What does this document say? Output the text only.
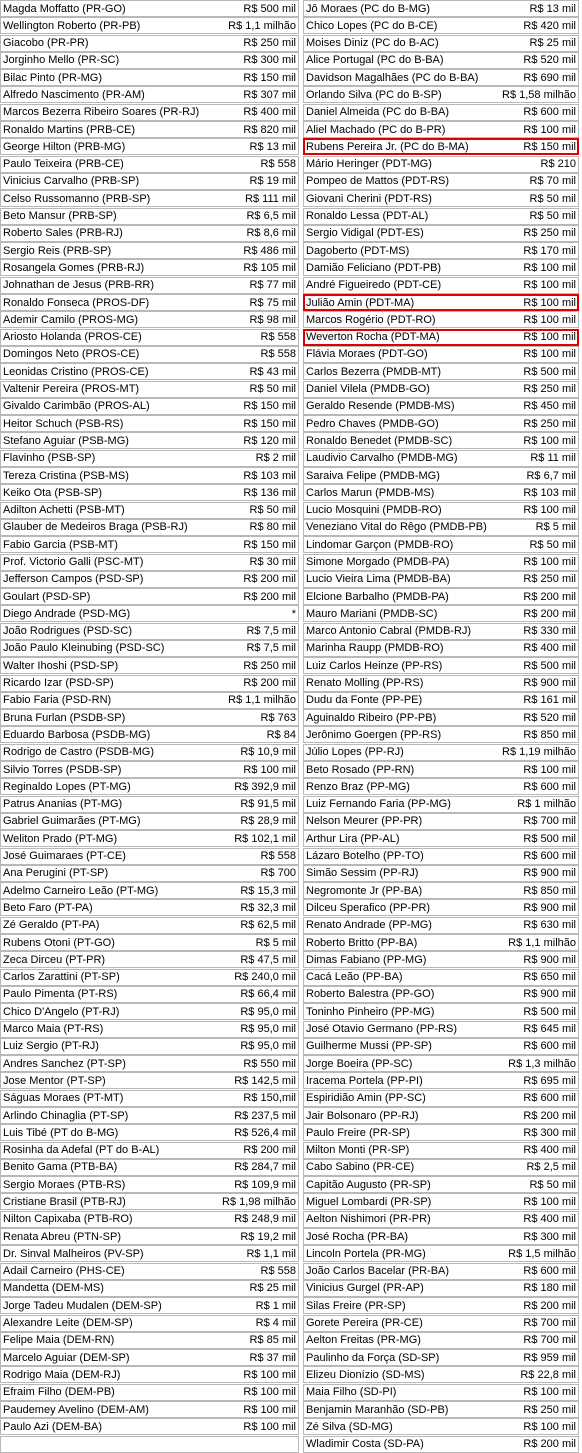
Magda Moffatto (PR-GO)	R$ 500 mil
Wellington Roberto (PR-PB)	R$ 1,1 milhão
Giacobo (PR-PR)	R$ 250 mil
Jorginho Mello (PR-SC)	R$ 300 mil
Bilac Pinto (PR-MG)	R$ 150 mil
Alfredo Nascimento (PR-AM)	R$ 307 mil
Marcos Bezerra Ribeiro Soares (PR-RJ)	R$ 400 mil
Ronaldo Martins (PRB-CE)	R$ 820 mil
George Hilton (PRB-MG)	R$ 13 mil
Paulo Teixeira (PRB-CE)	R$ 558
Vinicius Carvalho (PRB-SP)	R$ 19 mil
Celso Russomanno (PRB-SP)	R$ 111 mil
Beto Mansur (PRB-SP)	R$ 6,5 mil
Roberto Sales (PRB-RJ)	R$ 8,6 mil
Sergio Reis (PRB-SP)	R$ 486 mil
Rosangela Gomes (PRB-RJ)	R$ 105 mil
Johnathan de Jesus (PRB-RR)	R$ 77 mil
Ronaldo Fonseca (PROS-DF)	R$ 75 mil
Ademir Camilo (PROS-MG)	R$ 98 mil
Ariosto Holanda (PROS-CE)	R$ 558
Domingos Neto (PROS-CE)	R$ 558
Leonidas Cristino (PROS-CE)	R$ 43 mil
Valtenir Pereira (PROS-MT)	R$ 50 mil
Givaldo Carimbão (PROS-AL)	R$ 150 mil
Heitor Schuch (PSB-RS)	R$ 150 mil
Stefano Aguiar (PSB-MG)	R$ 120 mil
Flavinho (PSB-SP)	R$ 2 mil
Tereza Cristina (PSB-MS)	R$ 103 mil
Keiko Ota (PSB-SP)	R$ 136 mil
Adilton Achetti (PSB-MT)	R$ 50 mil
Glauber de Medeiros Braga (PSB-RJ)	R$ 80 mil
Fabio Garcia (PSB-MT)	R$ 150 mil
Prof. Victorio Galli (PSC-MT)	R$ 30 mil
Jefferson Campos (PSD-SP)	R$ 200 mil
Goulart (PSD-SP)	R$ 200 mil
Diego Andrade (PSD-MG)	*
João Rodrigues (PSD-SC)	R$ 7,5 mil
João Paulo Kleinubing (PSD-SC)	R$ 7,5 mil
Walter Ihoshi (PSD-SP)	R$ 250 mil
Ricardo Izar (PSD-SP)	R$ 200 mil
Fabio Faria (PSD-RN)	R$ 1,1 milhão
Bruna Furlan (PSDB-SP)	R$ 763
Eduardo Barbosa (PSDB-MG)	R$ 84
Rodrigo de Castro (PSDB-MG)	R$ 10,9 mil
Silvio Torres (PSDB-SP)	R$ 100 mil
Reginaldo Lopes (PT-MG)	R$ 392,9 mil
Patrus Ananias (PT-MG)	R$ 91,5 mil
Gabriel Guimarães (PT-MG)	R$ 28,9 mil
Weliton Prado (PT-MG)	R$ 102,1 mil
José Guimaraes (PT-CE)	R$ 558
Ana Perugini (PT-SP)	R$ 700
Adelmo Carneiro Leão (PT-MG)	R$ 15,3 mil
Beto Faro (PT-PA)	R$ 32,3 mil
Zé Geraldo (PT-PA)	R$ 62,5 mil
Rubens Otoni (PT-GO)	R$ 5 mil
Zeca Dirceu (PT-PR)	R$ 47,5 mil
Carlos Zarattini (PT-SP)	R$ 240,0 mil
Paulo Pimenta (PT-RS)	R$ 66,4 mil
Chico D'Angelo (PT-RJ)	R$ 95,0 mil
Marco Maia (PT-RS)	R$ 95,0 mil
Luiz Sergio (PT-RJ)	R$ 95,0 mil
Andres Sanchez (PT-SP)	R$ 550 mil
Jose Mentor (PT-SP)	R$ 142,5 mil
Ságuas Moraes (PT-MT)	R$ 150,mil
Arlindo Chinaglia (PT-SP)	R$ 237,5 mil
Luis Tibé (PT do B-MG)	R$ 526,4 mil
Rosinha da Adefal (PT do B-AL)	R$ 200 mil
Benito Gama (PTB-BA)	R$ 284,7 mil
Sergio Moraes (PTB-RS)	R$ 109,9 mil
Cristiane Brasil (PTB-RJ)	R$ 1,98 milhão
Nilton Capixaba (PTB-RO)	R$ 248,9 mil
Renata Abreu (PTN-SP)	R$ 19,2 mil
Dr. Sinval Malheiros (PV-SP)	R$ 1,1 mil
Adail Carneiro (PHS-CE)	R$ 558
Mandetta (DEM-MS)	R$ 25 mil
Jorge Tadeu Mudalen (DEM-SP)	R$ 1 mil
Alexandre Leite (DEM-SP)	R$ 4 mil
Felipe Maia (DEM-RN)	R$ 85 mil
Marcelo Aguiar (DEM-SP)	R$ 37 mil
Rodrigo Maia (DEM-RJ)	R$ 100 mil
Efraim Filho (DEM-PB)	R$ 100 mil
Paudemey Avelino (DEM-AM)	R$ 100 mil
Paulo Azi (DEM-BA)	R$ 100 mil
Jô Moraes (PC do B-MG)	R$ 13 mil
Chico Lopes (PC do B-CE)	R$ 420 mil
Moises Diniz (PC do B-AC)	R$ 25 mil
Alice Portugal (PC do B-BA)	R$ 520 mil
Davidson Magalhães (PC do B-BA)	R$ 690 mil
Orlando Silva (PC do B-SP)	R$ 1,58 milhão
Daniel Almeida (PC do B-BA)	R$ 600 mil
Aliel Machado (PC do B-PR)	R$ 100 mil
Rubens Pereira Jr. (PC do B-MA)	R$ 150 mil
Mário Heringer (PDT-MG)	R$ 210
Pompeo de Mattos (PDT-RS)	R$ 70 mil
Giovani Cherini (PDT-RS)	R$ 50 mil
Ronaldo Lessa (PDT-AL)	R$ 50 mil
Sergio Vidigal (PDT-ES)	R$ 250 mil
Dagoberto (PDT-MS)	R$ 170 mil
Damião Feliciano (PDT-PB)	R$ 100 mil
André Figueiredo (PDT-CE)	R$ 100 mil
Julião Amin (PDT-MA)	R$ 100 mil
Marcos Rogério (PDT-RO)	R$ 100 mil
Weverton Rocha (PDT-MA)	R$ 100 mil
Flávia Moraes (PDT-GO)	R$ 100 mil
Carlos Bezerra (PMDB-MT)	R$ 500 mil
Daniel Vilela (PMDB-GO)	R$ 250 mil
Geraldo Resende (PMDB-MS)	R$ 450 mil
Pedro Chaves (PMDB-GO)	R$ 250 mil
Ronaldo Benedet (PMDB-SC)	R$ 100 mil
Laudivio Carvalho (PMDB-MG)	R$ 11 mil
Saraiva Felipe (PMDB-MG)	R$ 6,7 mil
Carlos Marun (PMDB-MS)	R$ 103 mil
Lucio Mosquini (PMDB-RO)	R$ 100 mil
Veneziano Vital do Rêgo (PMDB-PB)	R$ 5 mil
Lindomar Garçon (PMDB-RO)	R$ 50 mil
Simone Morgado (PMDB-PA)	R$ 100 mil
Lucio Vieira Lima (PMDB-BA)	R$ 250 mil
Elcione Barbalho (PMDB-PA)	R$ 200 mil
Mauro Mariani (PMDB-SC)	R$ 200 mil
Marco Antonio Cabral (PMDB-RJ)	R$ 330 mil
Marinha Raupp (PMDB-RO)	R$ 400 mil
Luiz Carlos Heinze (PP-RS)	R$ 500 mil
Renato Molling (PP-RS)	R$ 900 mil
Dudu da Fonte (PP-PE)	R$ 161 mil
Aguinaldo Ribeiro (PP-PB)	R$ 520 mil
Jerônimo Goergen (PP-RS)	R$ 850 mil
Júlio Lopes (PP-RJ)	R$ 1,19 milhão
Beto Rosado (PP-RN)	R$ 100 mil
Renzo Braz (PP-MG)	R$ 600 mil
Luiz Fernando Faria (PP-MG)	R$ 1 milhão
Nelson Meurer (PP-PR)	R$ 700 mil
Arthur Lira (PP-AL)	R$ 500 mil
Lázaro Botelho (PP-TO)	R$ 600 mil
Simão Sessim (PP-RJ)	R$ 900 mil
Negromonte Jr (PP-BA)	R$ 850 mil
Dilceu Sperafico (PP-PR)	R$ 900 mil
Renato Andrade (PP-MG)	R$ 630 mil
Roberto Britto (PP-BA)	R$ 1,1 milhão
Dimas Fabiano (PP-MG)	R$ 900 mil
Cacá Leão (PP-BA)	R$ 650 mil
Roberto Balestra (PP-GO)	R$ 900 mil
Toninho Pinheiro (PP-MG)	R$ 500 mil
José Otavio Germano (PP-RS)	R$ 645 mil
Guilherme Mussi (PP-SP)	R$ 600 mil
Jorge Boeira (PP-SC)	R$ 1,3 milhão
Iracema Portela (PP-PI)	R$ 695 mil
Espiridião Amin (PP-SC)	R$ 600 mil
Jair Bolsonaro (PP-RJ)	R$ 200 mil
Paulo Freire (PR-SP)	R$ 300 mil
Milton Monti (PR-SP)	R$ 400 mil
Cabo Sabino (PR-CE)	R$ 2,5 mil
Capitão Augusto (PR-SP)	R$ 50 mil
Miguel Lombardi (PR-SP)	R$ 100 mil
Aelton Nishimori (PR-PR)	R$ 400 mil
José Rocha (PR-BA)	R$ 300 mil
Lincoln Portela (PR-MG)	R$ 1,5 milhão
João Carlos Bacelar (PR-BA)	R$ 600 mil
Vinicius Gurgel (PR-AP)	R$ 180 mil
Silas Freire (PR-SP)	R$ 200 mil
Gorete Pereira (PR-CE)	R$ 700 mil
Aelton Freitas (PR-MG)	R$ 700 mil
Paulinho da Força (SD-SP)	R$ 959 mil
Elizeu Dionízio (SD-MS)	R$ 22,8 mil
Maia Filho (SD-PI)	R$ 100 mil
Benjamin Maranhão (SD-PB)	R$ 250 mil
Zé Silva (SD-MG)	R$ 100 mil
Wladimir Costa (SD-PA)	R$ 200 mil
